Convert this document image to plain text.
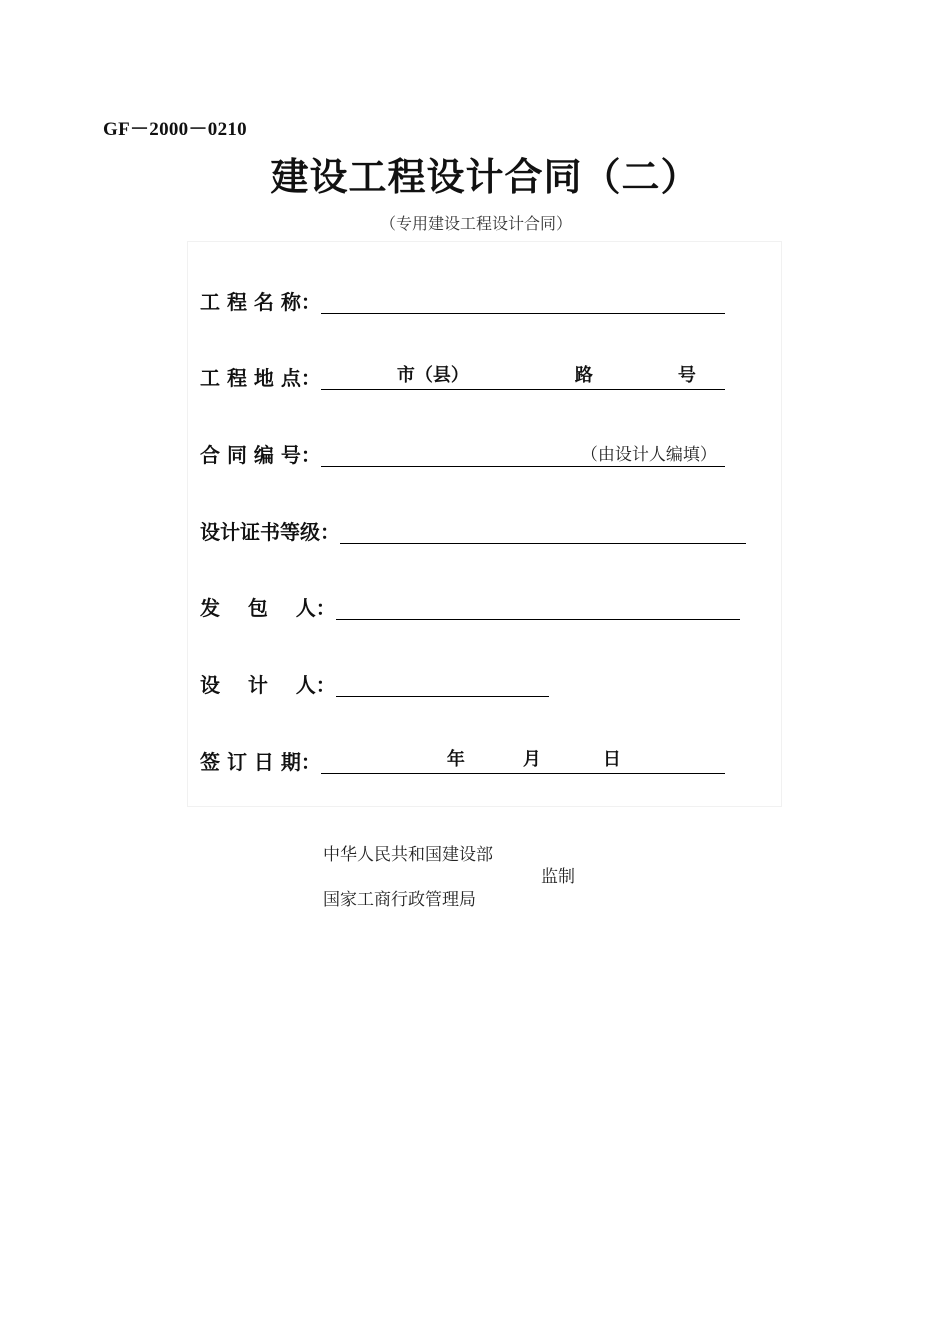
GF－2000－0210
建设工程设计合同（二）
（专用建设工程设计合同）
工 程 名 称：
工 程 地 点：	市（县）	路	号
合 同 编 号：	（由设计人编填）
设计证书等级：
发    包    人：
设    计    人：
签 订 日 期：	年	月	日
中华人民共和国建设部
监制
国家工商行政管理局
